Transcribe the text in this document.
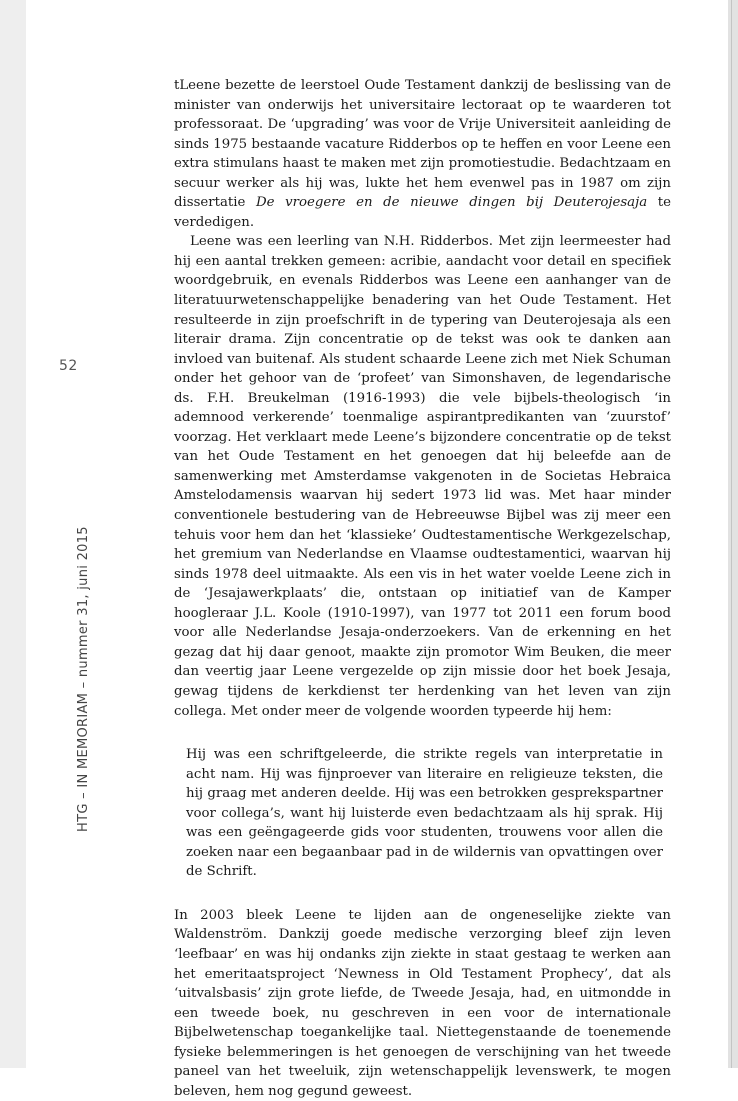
52
HTG – IN MEMORIAM – nummer 31, juni 2015

tLeene bezette de leerstoel Oude Testament dankzij de beslissing van de minister van onderwijs het universitaire lectoraat op te waarderen tot professoraat. De ‘upgrading’ was voor de Vrije Universiteit aanleiding de sinds 1975 bestaande vacature Ridderbos op te heffen en voor Leene een extra stimulans haast te maken met zijn promotiestudie. Bedachtzaam en secuur werker als hij was, lukte het hem evenwel pas in 1987 om zijn dissertatie De vroegere en de nieuwe dingen bij Deuterojesaja te verdedigen.

Leene was een leerling van N.H. Ridderbos. Met zijn leermeester had hij een aantal trekken gemeen: acribie, aandacht voor detail en specifiek woordgebruik, en evenals Ridderbos was Leene een aanhanger van de literatuurwetenschappelijke benadering van het Oude Testament. Het resulteerde in zijn proefschrift in de typering van Deuterojesaja als een literair drama. Zijn concentratie op de tekst was ook te danken aan invloed van buitenaf. Als student schaarde Leene zich met Niek Schuman onder het gehoor van de ‘profeet’ van Simonshaven, de legendarische ds. F.H. Breukelman (1916-1993) die vele bijbels-theologisch ‘in ademnood verkerende’ toenmalige aspirantpredikanten van ‘zuurstof’ voorzag. Het verklaart mede Leene’s bijzondere concentratie op de tekst van het Oude Testament en het genoegen dat hij beleefde aan de samenwerking met Amsterdamse vakgenoten in de Societas Hebraica Amstelodamensis waarvan hij sedert 1973 lid was. Met haar minder conventionele bestudering van de Hebreeuwse Bijbel was zij meer een tehuis voor hem dan het ‘klassieke’ Oudtestamentische Werkgezelschap, het gremium van Nederlandse en Vlaamse oudtestamentici, waarvan hij sinds 1978 deel uitmaakte. Als een vis in het water voelde Leene zich in de ‘Jesajawerkplaats’ die, ontstaan op initiatief van de Kamper hoogleraar J.L. Koole (1910-1997), van 1977 tot 2011 een forum bood voor alle Nederlandse Jesaja-onderzoekers. Van de erkenning en het gezag dat hij daar genoot, maakte zijn promotor Wim Beuken, die meer dan veertig jaar Leene vergezelde op zijn missie door het boek Jesaja, gewag tijdens de kerkdienst ter herdenking van het leven van zijn collega. Met onder meer de volgende woorden typeerde hij hem:

Hij was een schriftgeleerde, die strikte regels van interpretatie in acht nam. Hij was fijnproever van literaire en religieuze teksten, die hij graag met anderen deelde. Hij was een betrokken gesprekspartner voor collega’s, want hij luisterde even bedachtzaam als hij sprak. Hij was een geëngageerde gids voor studenten, trouwens voor allen die zoeken naar een begaanbaar pad in de wildernis van opvattingen over de Schrift.

In 2003 bleek Leene te lijden aan de ongeneselijke ziekte van Waldenström. Dankzij goede medische verzorging bleef zijn leven ‘leefbaar’ en was hij ondanks zijn ziekte in staat gestaag te werken aan het emeritaatsproject ‘Newness in Old Testament Prophecy’, dat als ‘uitvalsbasis’ zijn grote liefde, de Tweede Jesaja, had, en uitmondde in een tweede boek, nu geschreven in een voor de internationale Bijbelwetenschap toegankelijke taal. Niettegenstaande de toenemende fysieke belemmeringen is het genoegen de verschijning van het tweede paneel van het tweeluik, zijn wetenschappelijk levenswerk, te mogen beleven, hem nog gegund geweest.
